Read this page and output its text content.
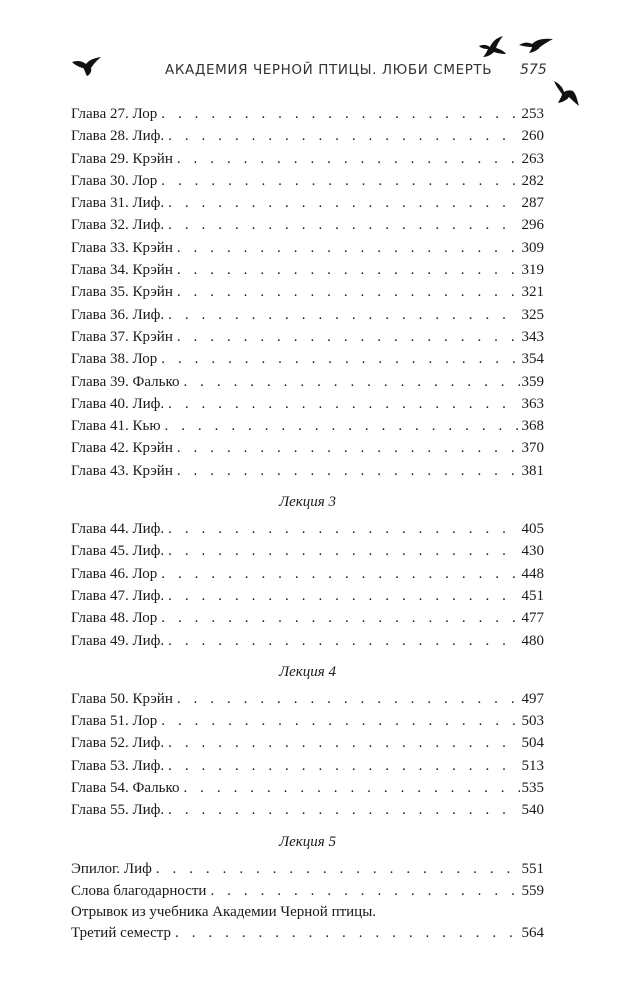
АКАДЕМИЯ ЧЕРНОЙ ПТИЦЫ. ЛЮБИ СМЕРТЬ 575
Глава 27. Лор . . .	253
Глава 28. Лиф. . . .	260
Глава 29. Крэйн . . .	263
Глава 30. Лор . . .	282
Глава 31. Лиф. . . .	287
Глава 32. Лиф. . . .	296
Глава 33. Крэйн . . .	309
Глава 34. Крэйн . . .	319
Глава 35. Крэйн . . .	321
Глава 36. Лиф. . . .	325
Глава 37. Крэйн . . .	343
Глава 38. Лор . . .	354
Глава 39. Фалько . . .	359
Глава 40. Лиф. . . .	363
Глава 41. Кью . . .	368
Глава 42. Крэйн . . .	370
Глава 43. Крэйн . . .	381
Лекция 3
Глава 44. Лиф. . . .	405
Глава 45. Лиф. . . .	430
Глава 46. Лор . . .	448
Глава 47. Лиф. . . .	451
Глава 48. Лор . . .	477
Глава 49. Лиф. . . .	480
Лекция 4
Глава 50. Крэйн . . .	497
Глава 51. Лор . . .	503
Глава 52. Лиф. . . .	504
Глава 53. Лиф. . . .	513
Глава 54. Фалько . . .	535
Глава 55. Лиф. . . .	540
Лекция 5
Эпилог. Лиф . . .	551
Слова благодарности . . .	559
Отрывок из учебника Академии Черной птицы.
Третий семестр . . .	564
